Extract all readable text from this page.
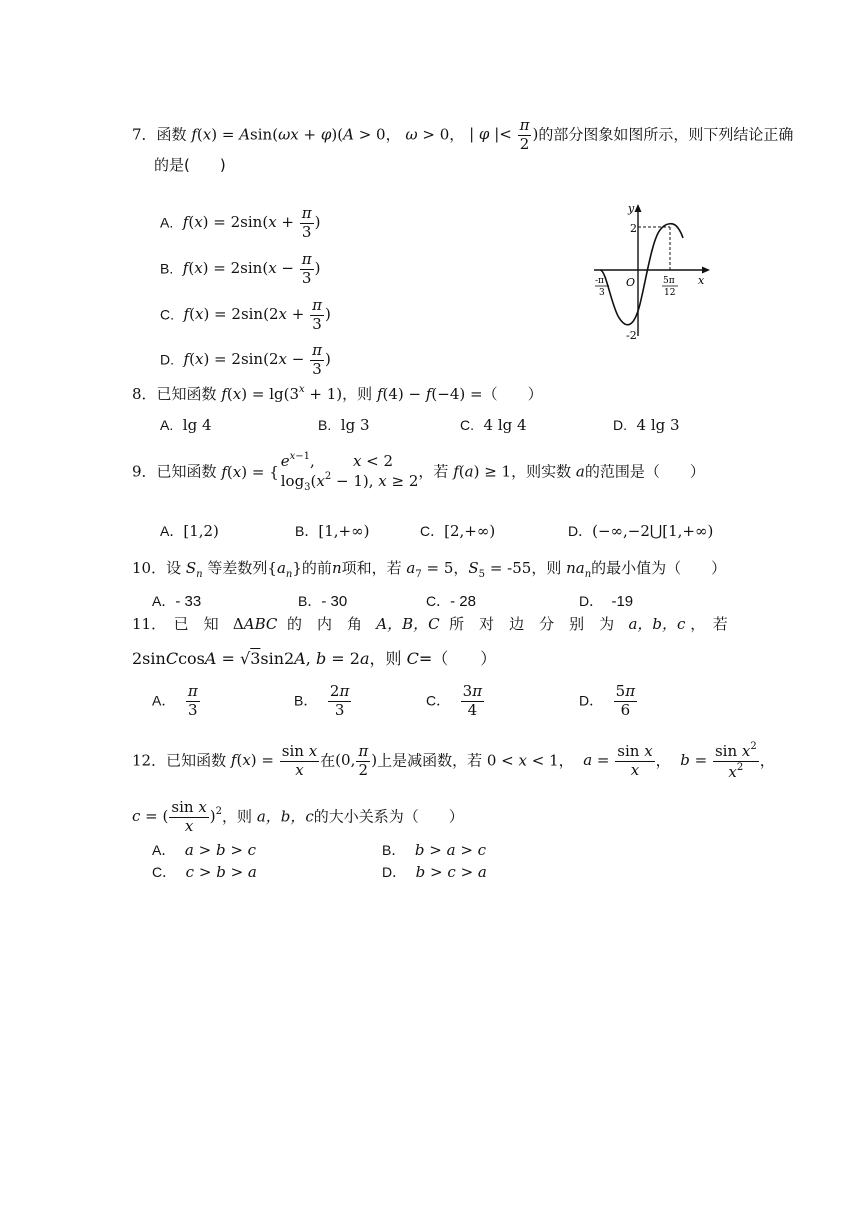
7．函数 f(x) = Asin(ωx + φ)(A > 0， ω > 0， | φ |< $\frac{\pi}{2}$ )的部分图象如图所示，则下列结论正确
的是(　　)
A. $f(x) = 2\sin(x + \frac{\pi}{3}$ )
B. $f(x) = 2\sin(x - \frac{\pi}{3}$ )
C. $f(x) = 2\sin(2x + \frac{\pi}{3}$ )
D. $f(x) = 2\sin(2x - \frac{\pi}{3}$ )
y
x
O
2
-2
-π
3
5π
12
8．已知函数 $f(x) = \lg(3^x + 1)$，则 f(4) − f(−4) =（　　）
A. lg 4	B. lg 3	C. 4 lg 4	D. 4 lg 3
9．已知函数 f ( x ) = {
$e^{x-1}$,        x < 2
$\log_3(x^2 - 1)$, x ≥ 2
，若 f(a) ≥ 1，则实数 a的范围是（　　）
A．[1,2)	B．[1,+∞)	C．[2,+∞)	D．(−∞,−2⋃[1,+∞)
10．设 $S_n$ 等差数列$\{a_n\}$的前n项和，若 $a_7 = 5$，$S_5 = -55$，则 $na_n$的最小值为（　　）
A．- 33	B．- 30	C．- 28	D． -19
11．　已　知 ΔABC 的　内　角 A，B，C 所　对　边　分　别　为 a，b，c ，　若
2sinCcosA = √3sin2A, b = 2a，则 C=（　　）
A． $\frac{\pi}{3}$	B． $\frac{2\pi}{3}$	C． $\frac{3\pi}{4}$	D． $\frac{5\pi}{6}$
12．已知函数 $f(x) = \frac{\text{sin x}}{x}$ 在(0, $\frac{\pi}{2}$ )上是减函数，若 0 < x < 1， $a = \frac{\text{sin x}}{x}$ ， $b = \frac{\sin x^2}{x^2}$ ，
c = ( $\frac{\text{sin x}}{x} )^2$，则 a，b，c的大小关系为（　　）
A． a > b > c	B． b > a > c
C． c > b > a	D． b > c > a
